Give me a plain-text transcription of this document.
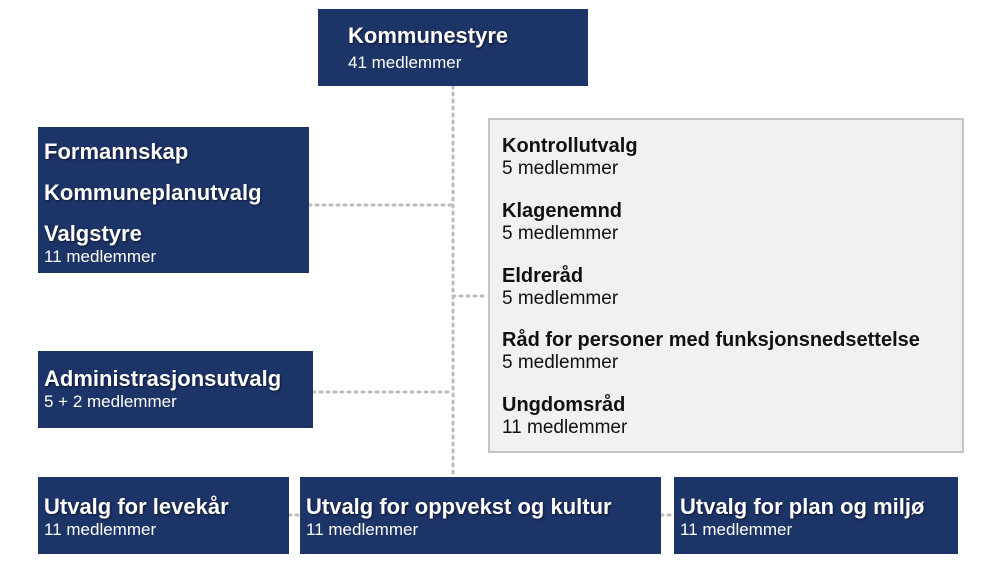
Kommunestyre
41 medlemmer
Formannskap
Kommuneplanutvalg
Valgstyre
11 medlemmer
Administrasjonsutvalg
5 + 2 medlemmer
Kontrollutvalg
5 medlemmer
Klagenemnd
5 medlemmer
Eldreråd
5 medlemmer
Råd for personer med funksjonsnedsettelse
5 medlemmer
Ungdomsråd
11 medlemmer
Utvalg for levekår
11 medlemmer
Utvalg for oppvekst og kultur
11 medlemmer
Utvalg for plan og miljø
11 medlemmer
